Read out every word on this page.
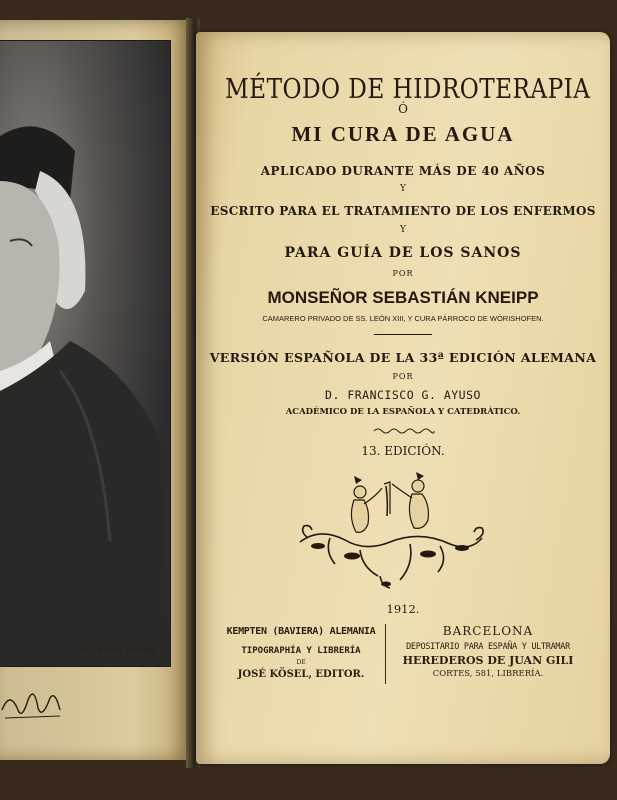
Jos. Kösel autotyp.
MÉTODO DE HIDROTERAPIA
Ó
MI CURA DE AGUA
APLICADO DURANTE MÁS DE 40 AÑOS
Y
ESCRITO PARA EL TRATAMIENTO DE LOS ENFERMOS
Y
PARA GUÍA DE LOS SANOS
POR
MONSEÑOR SEBASTIÁN KNEIPP
CAMARERO PRIVADO DE SS. LEÓN XIII, Y CURA PÁRROCO DE WÖRISHOFEN.
VERSIÓN ESPAÑOLA DE LA 33ª EDICIÓN ALEMANA
POR
D. FRANCISCO G. AYUSO
ACADÉMICO DE LA ESPAÑOLA Y CATEDRÁTICO.
13. EDICIÓN.
1912.
KEMPTEN (BAVIERA) ALEMANIA
TIPOGRAPHÍA Y LIBRERÍA
DE
JOSÉ KÖSEL, EDITOR.
BARCELONA
DEPOSITARIO PARA ESPAÑA Y ULTRAMAR
HEREDEROS DE JUAN GILI
CORTES, 581, LIBRERÍA.
